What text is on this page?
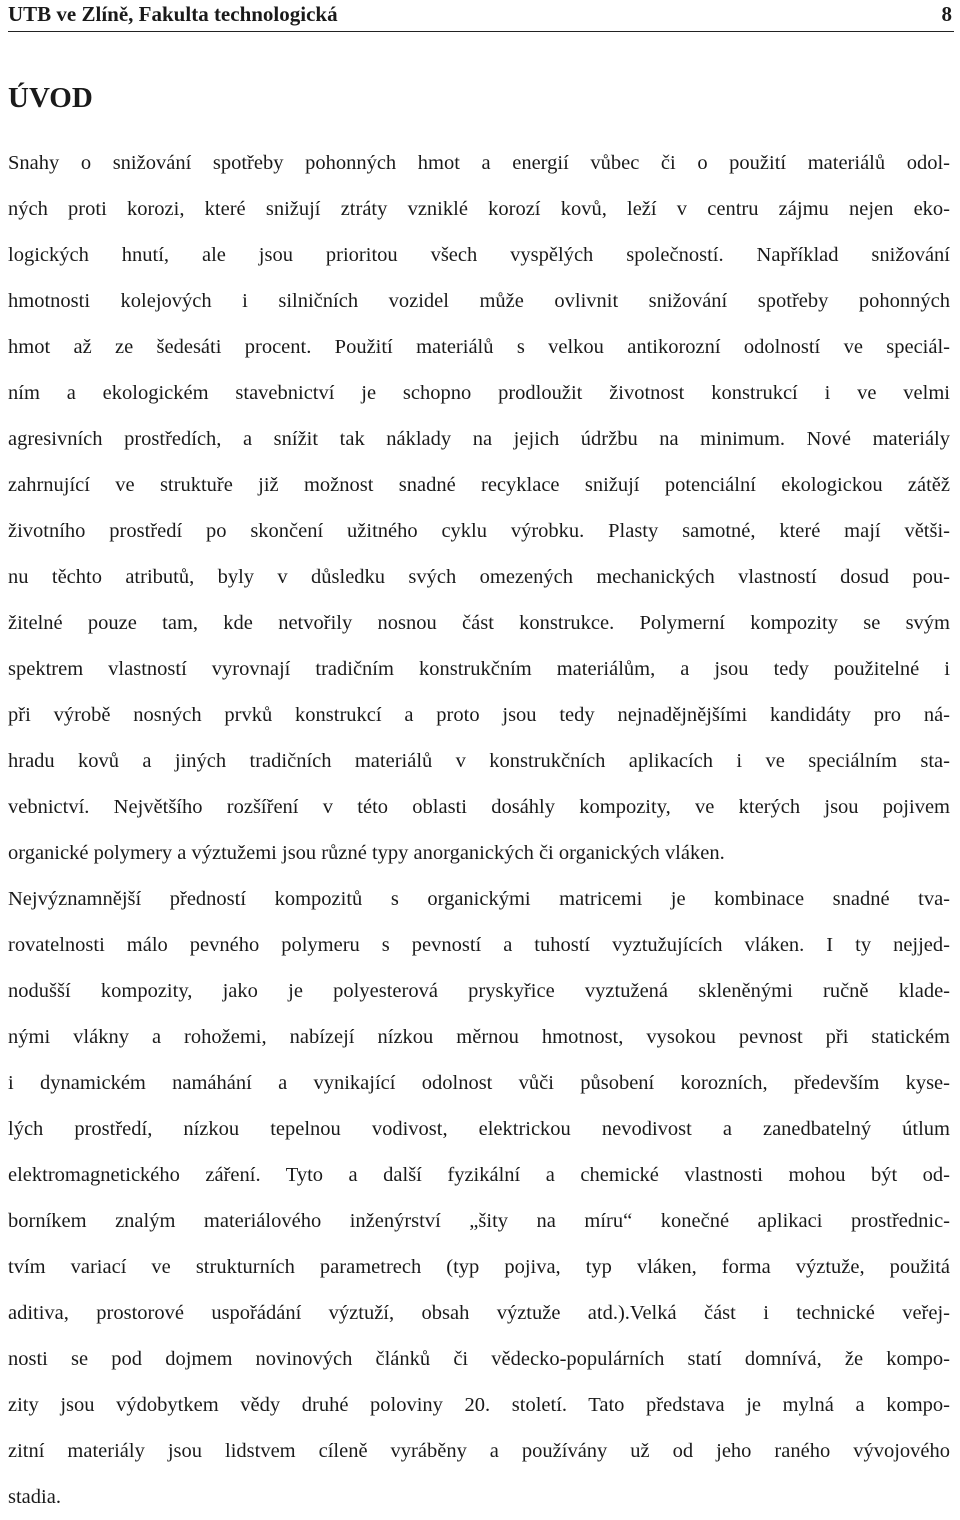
UTB ve Zlíně, Fakulta technologická	8
ÚVOD
Snahy o snižování spotřeby pohonných hmot a energií vůbec či o použití materiálů odol-
ných proti korozi, které snižují ztráty vzniklé korozí kovů, leží v centru zájmu nejen eko-
logických hnutí, ale jsou prioritou všech vyspělých společností. Například snižování
hmotnosti kolejových i silničních vozidel může ovlivnit snižování spotřeby pohonných
hmot až ze šedesáti procent. Použití materiálů s velkou antikorozní odolností ve speciál-
ním a ekologickém stavebnictví je schopno prodloužit životnost konstrukcí i ve velmi
agresivních prostředích, a snížit tak náklady na jejich údržbu na minimum. Nové materiály
zahrnující ve struktuře již možnost snadné recyklace snižují potenciální ekologickou zátěž
životního prostředí po skončení užitného cyklu výrobku. Plasty samotné, které mají větši-
nu těchto atributů, byly v důsledku svých omezených mechanických vlastností dosud pou-
žitelné pouze tam, kde netvořily nosnou část konstrukce. Polymerní kompozity se svým
spektrem vlastností vyrovnají tradičním konstrukčním materiálům, a jsou tedy použitelné i
při výrobě nosných prvků konstrukcí a proto jsou tedy nejnadějnějšími kandidáty pro ná-
hradu kovů a jiných tradičních materiálů v konstrukčních aplikacích i ve speciálním sta-
vebnictví. Největšího rozšíření v této oblasti dosáhly kompozity, ve kterých jsou pojivem
organické polymery a výztužemi jsou různé typy anorganických či organických vláken.
Nejvýznamnější předností kompozitů s organickými matricemi je kombinace snadné tva-
rovatelnosti málo pevného polymeru s pevností a tuhostí vyztužujících vláken. I ty nejjed-
nodušší kompozity, jako je polyesterová pryskyřice vyztužená skleněnými ručně klade-
nými vlákny a rohožemi, nabízejí nízkou měrnou hmotnost, vysokou pevnost při statickém
i dynamickém namáhání a vynikající odolnost vůči působení korozních, především kyse-
lých prostředí, nízkou tepelnou vodivost, elektrickou nevodivost a zanedbatelný útlum
elektromagnetického záření. Tyto a další fyzikální a chemické vlastnosti mohou být od-
borníkem znalým materiálového inženýrství „šity na míru“ konečné aplikaci prostřednic-
tvím variací ve strukturních parametrech (typ pojiva, typ vláken, forma výztuže, použitá
aditiva, prostorové uspořádání výztuží, obsah výztuže atd.).Velká část i technické veřej-
nosti se pod dojmem novinových článků či vědecko-populárních statí domnívá, že kompo-
zity jsou výdobytkem vědy druhé poloviny 20. století. Tato představa je mylná a kompo-
zitní materiály jsou lidstvem cíleně vyráběny a používány už od jeho raného vývojového
stadia.
